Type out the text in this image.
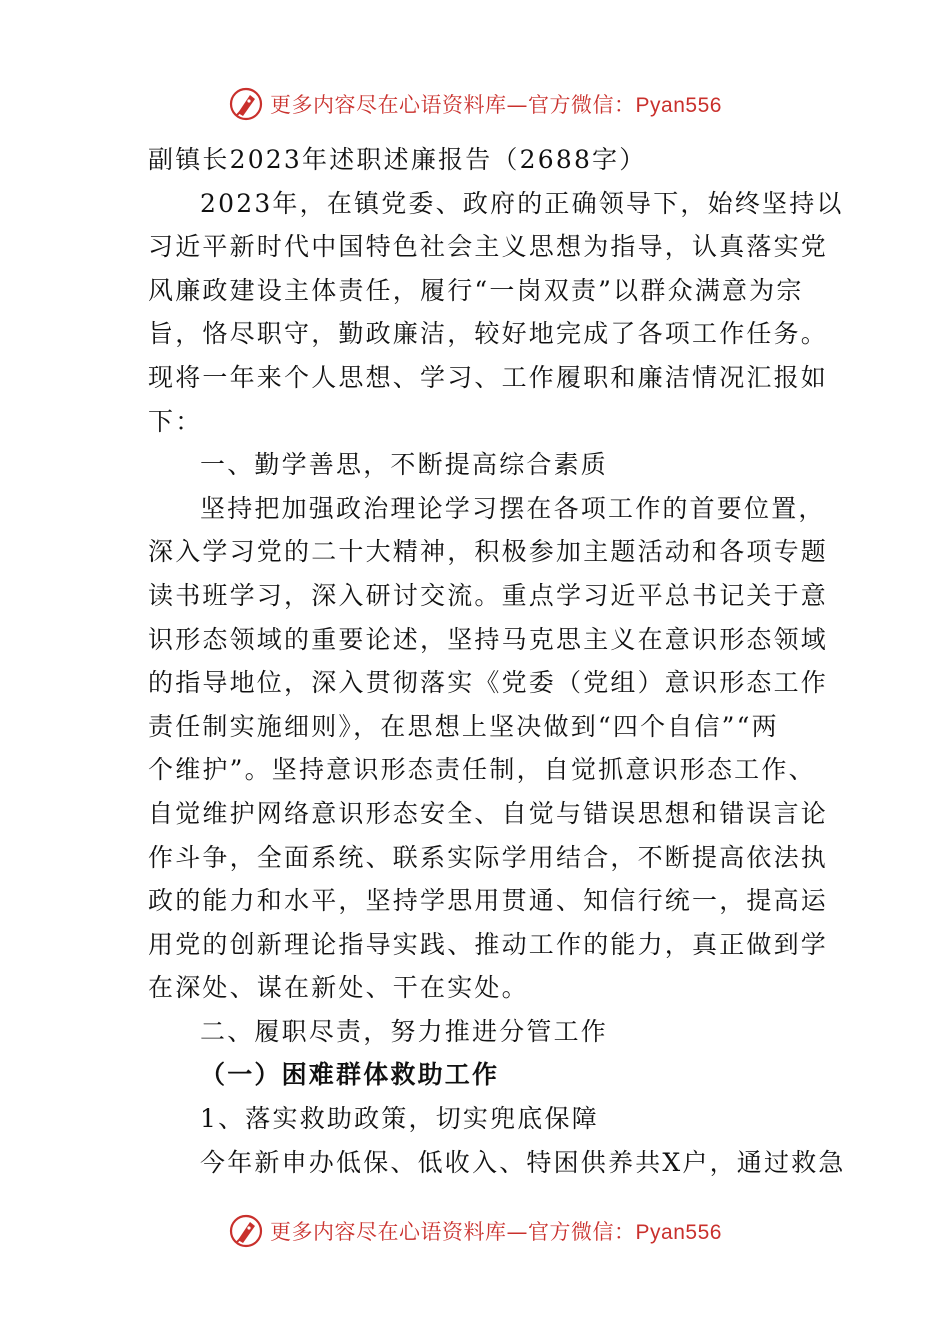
更多内容尽在心语资料库—官方微信：Pyan556
副镇长2023年述职述廉报告（2688字）
2023年，在镇党委、政府的正确领导下，始终坚持以
习近平新时代中国特色社会主义思想为指导，认真落实党
风廉政建设主体责任，履行“一岗双责”以群众满意为宗
旨，恪尽职守，勤政廉洁，较好地完成了各项工作任务。
现将一年来个人思想、学习、工作履职和廉洁情况汇报如
下：
一、勤学善思，不断提高综合素质
坚持把加强政治理论学习摆在各项工作的首要位置，
深入学习党的二十大精神，积极参加主题活动和各项专题
读书班学习，深入研讨交流。重点学习近平总书记关于意
识形态领域的重要论述，坚持马克思主义在意识形态领域
的指导地位，深入贯彻落实《党委（党组）意识形态工作
责任制实施细则》，在思想上坚决做到“四个自信”“两
个维护”。坚持意识形态责任制，自觉抓意识形态工作、
自觉维护网络意识形态安全、自觉与错误思想和错误言论
作斗争，全面系统、联系实际学用结合，不断提高依法执
政的能力和水平，坚持学思用贯通、知信行统一，提高运
用党的创新理论指导实践、推动工作的能力，真正做到学
在深处、谋在新处、干在实处。
二、履职尽责，努力推进分管工作
（一）困难群体救助工作
1、落实救助政策，切实兜底保障
今年新申办低保、低收入、特困供养共X户，通过救急
更多内容尽在心语资料库—官方微信：Pyan556
